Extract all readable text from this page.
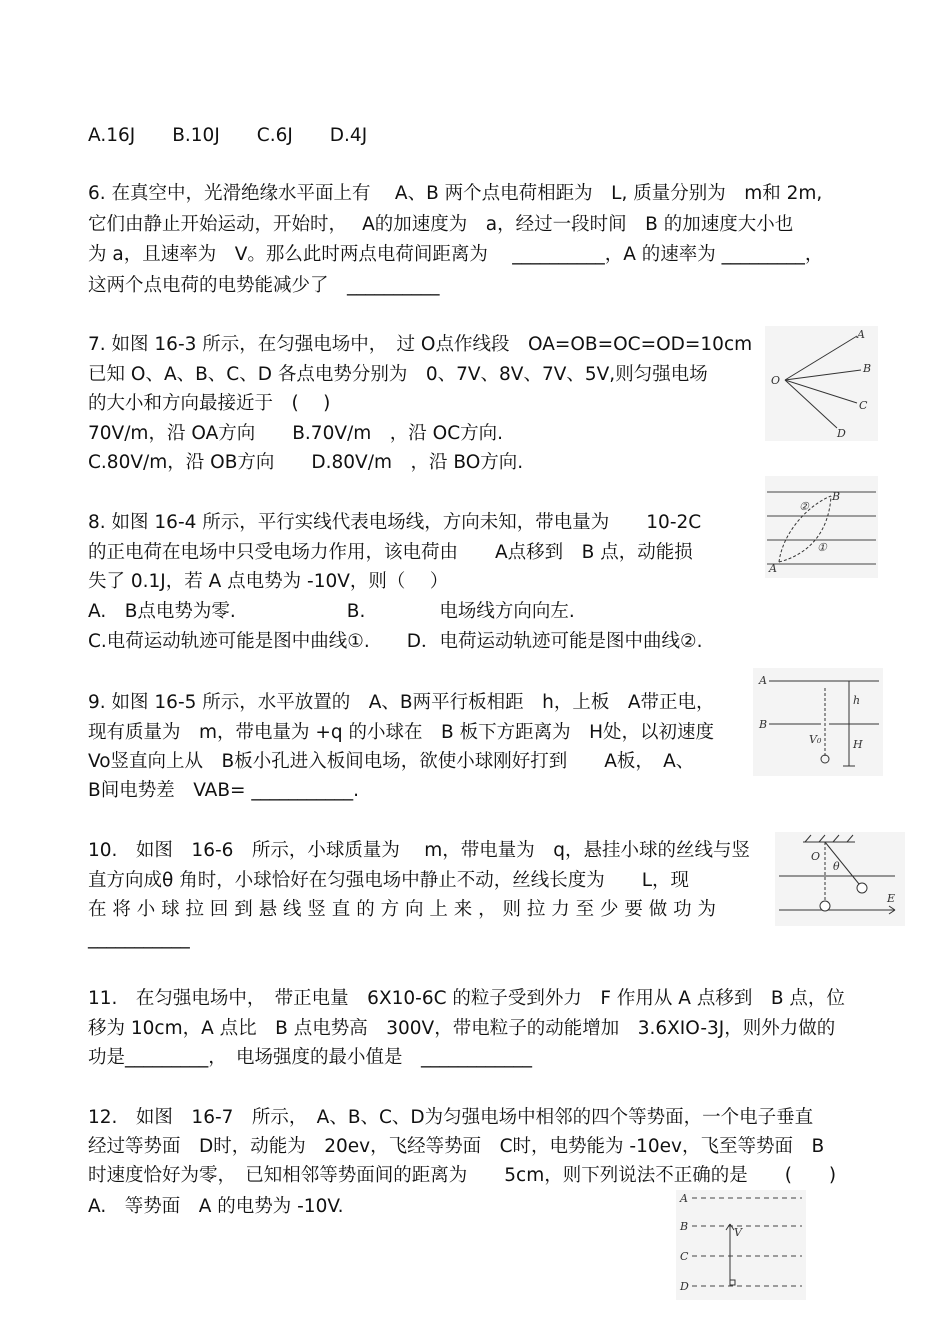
A.16J　　B.10J　　C.6J　　D.4J
6. 在真空中，光滑绝缘水平面上有　 A、B 两个点电荷相距为　L, 质量分别为　m和 2m,
它们由静止开始运动，开始时，　 A的加速度为　a，经过一段时间　B 的加速度大小也
为 a，且速率为　V。那么此时两点电荷间距离为　 __________，A 的速率为 _________，
这两个点电荷的电势能减少了　__________
7. 如图 16-3 所示，在匀强电场中，　过 O点作线段　OA=OB=OC=OD=10cm
已知 O、A、B、C、D 各点电势分别为　0、7V、8V、7V、5V,则匀强电场
的大小和方向最接近于　(　 )
70V/m，沿 OA方向　　B.70V/m　，沿 OC方向.
C.80V/m，沿 OB方向　　D.80V/m　，沿 BO方向.
O
A
B
C
D
8. 如图 16-4 所示，平行实线代表电场线，方向未知，带电量为　　10-2C
的正电荷在电场中只受电场力作用，该电荷由　　A点移到　B 点，动能损
失了 0.1J，若 A 点电势为 -10V，则（　 ）
A.　B点电势为零.　　　　　　B.　　　　电场线方向向左.
C.电荷运动轨迹可能是图中曲线①.　　D．电荷运动轨迹可能是图中曲线②.
A
B
①
②
9. 如图 16-5 所示，水平放置的　A、B两平行板相距　h，上板　A带正电，
现有质量为　m，带电量为 +q 的小球在　B 板下方距离为　H处，以初速度
Vo竖直向上从　B板小孔进入板间电场，欲使小球刚好打到　　A板，　A、
B间电势差　VAB= ___________.
A
B
h
H
V₀
10.　如图　16-6　所示，小球质量为　 m，带电量为　q，悬挂小球的丝线与竖
直方向成θ 角时，小球恰好在匀强电场中静止不动，丝线长度为　　L，现
在 将 小 球 拉 回 到 悬 线 竖 直 的 方 向 上 来 ， 则 拉 力 至 少 要 做 功 为
___________
O
θ
E
11.　在匀强电场中，　带正电量　6X10-6C 的粒子受到外力　F 作用从 A 点移到　B 点，位
移为 10cm，A 点比　B 点电势高　300V，带电粒子的动能增加　3.6XIO-3J，则外力做的
功是_________，　电场强度的最小值是　____________
12.　如图　16-7　所示，　A、B、C、D为匀强电场中相邻的四个等势面，一个电子垂直
经过等势面　D时，动能为　20ev，飞经等势面　C时，电势能为 -10ev，飞至等势面　B
时速度恰好为零，　已知相邻等势面间的距离为　　5cm，则下列说法不正确的是　　(　　)
A.　等势面　A 的电势为 -10V.	A
B
C
D
V
